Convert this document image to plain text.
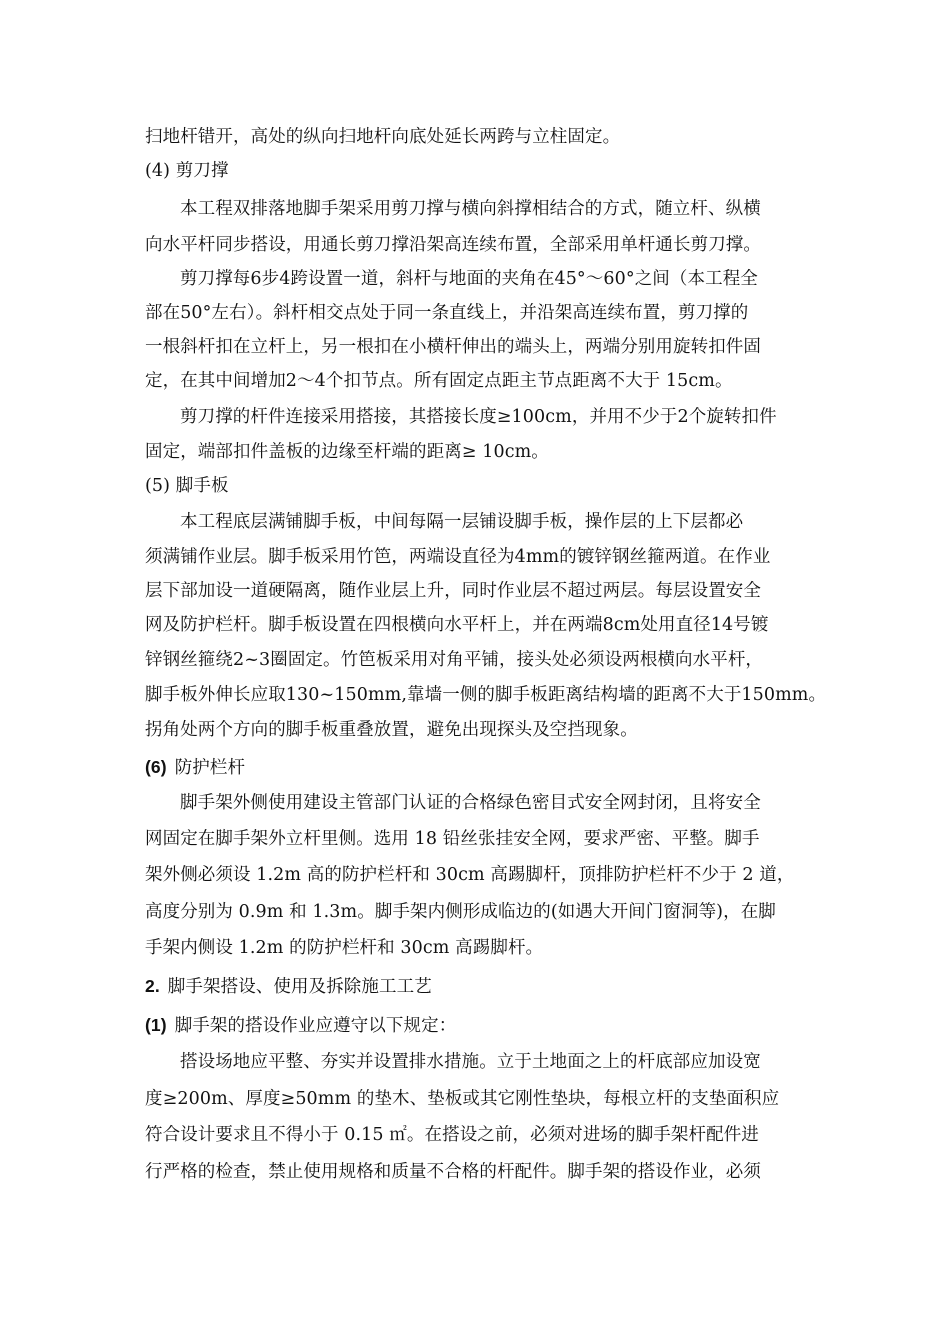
扫地杆错开，高处的纵向扫地杆向底处延长两跨与立柱固定。
(4) 剪刀撑
本工程双排落地脚手架采用剪刀撑与横向斜撑相结合的方式，随立杆、纵横
向水平杆同步搭设，用通长剪刀撑沿架高连续布置，全部采用单杆通长剪刀撑。
剪刀撑每6步4跨设置一道，斜杆与地面的夹角在45°～60°之间（本工程全
部在50°左右）。斜杆相交点处于同一条直线上，并沿架高连续布置，剪刀撑的
一根斜杆扣在立杆上，另一根扣在小横杆伸出的端头上，两端分别用旋转扣件固
定，在其中间增加2～4个扣节点。所有固定点距主节点距离不大于 15cm。
剪刀撑的杆件连接采用搭接，其搭接长度≥100cm，并用不少于2个旋转扣件
固定，端部扣件盖板的边缘至杆端的距离≥ 10cm。
(5) 脚手板
本工程底层满铺脚手板，中间每隔一层铺设脚手板，操作层的上下层都必
须满铺作业层。脚手板采用竹笆，两端设直径为4mm的镀锌钢丝箍两道。在作业
层下部加设一道硬隔离，随作业层上升，同时作业层不超过两层。每层设置安全
网及防护栏杆。脚手板设置在四根横向水平杆上，并在两端8cm处用直径14号镀
锌钢丝箍绕2~3圈固定。竹笆板采用对角平铺，接头处必须设两根横向水平杆，
脚手板外伸长应取130~150mm,靠墙一侧的脚手板距离结构墙的距离不大于150mm。
拐角处两个方向的脚手板重叠放置，避免出现探头及空挡现象。
(6) 防护栏杆
脚手架外侧使用建设主管部门认证的合格绿色密目式安全网封闭，且将安全
网固定在脚手架外立杆里侧。选用 18 铅丝张挂安全网，要求严密、平整。脚手
架外侧必须设 1.2m 高的防护栏杆和 30cm 高踢脚杆，顶排防护栏杆不少于 2 道，
高度分别为 0.9m 和 1.3m。脚手架内侧形成临边的(如遇大开间门窗洞等)，在脚
手架内侧设 1.2m 的防护栏杆和 30cm 高踢脚杆。
2. 脚手架搭设、使用及拆除施工工艺
(1) 脚手架的搭设作业应遵守以下规定：
搭设场地应平整、夯实并设置排水措施。立于土地面之上的杆底部应加设宽
度≥200m、厚度≥50mm 的垫木、垫板或其它刚性垫块，每根立杆的支垫面积应
符合设计要求且不得小于 0.15 ㎡。在搭设之前，必须对进场的脚手架杆配件进
行严格的检查，禁止使用规格和质量不合格的杆配件。脚手架的搭设作业，必须
